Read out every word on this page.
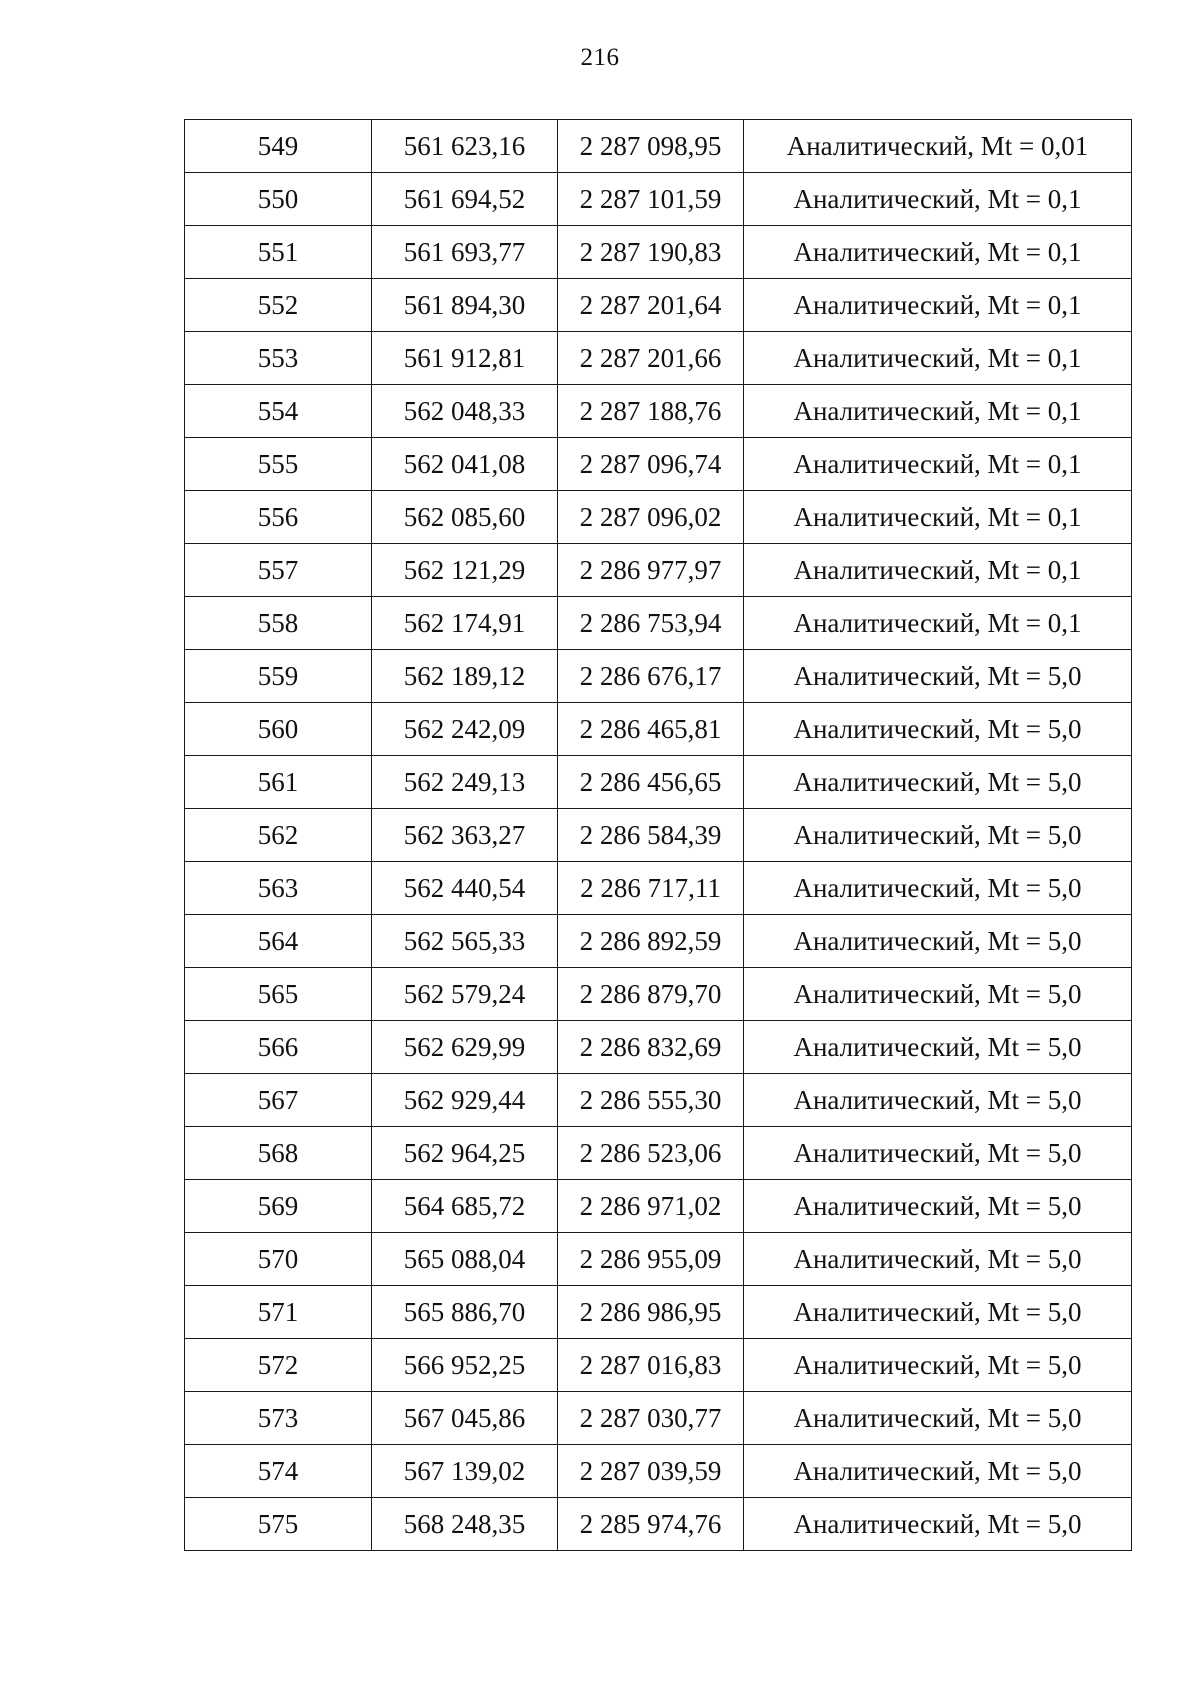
216
549	561 623,16	2 287 098,95	Аналитический, Mt = 0,01
550	561 694,52	2 287 101,59	Аналитический, Mt = 0,1
551	561 693,77	2 287 190,83	Аналитический, Mt = 0,1
552	561 894,30	2 287 201,64	Аналитический, Mt = 0,1
553	561 912,81	2 287 201,66	Аналитический, Mt = 0,1
554	562 048,33	2 287 188,76	Аналитический, Mt = 0,1
555	562 041,08	2 287 096,74	Аналитический, Mt = 0,1
556	562 085,60	2 287 096,02	Аналитический, Mt = 0,1
557	562 121,29	2 286 977,97	Аналитический, Mt = 0,1
558	562 174,91	2 286 753,94	Аналитический, Mt = 0,1
559	562 189,12	2 286 676,17	Аналитический, Mt = 5,0
560	562 242,09	2 286 465,81	Аналитический, Mt = 5,0
561	562 249,13	2 286 456,65	Аналитический, Mt = 5,0
562	562 363,27	2 286 584,39	Аналитический, Mt = 5,0
563	562 440,54	2 286 717,11	Аналитический, Mt = 5,0
564	562 565,33	2 286 892,59	Аналитический, Mt = 5,0
565	562 579,24	2 286 879,70	Аналитический, Mt = 5,0
566	562 629,99	2 286 832,69	Аналитический, Mt = 5,0
567	562 929,44	2 286 555,30	Аналитический, Mt = 5,0
568	562 964,25	2 286 523,06	Аналитический, Mt = 5,0
569	564 685,72	2 286 971,02	Аналитический, Mt = 5,0
570	565 088,04	2 286 955,09	Аналитический, Mt = 5,0
571	565 886,70	2 286 986,95	Аналитический, Mt = 5,0
572	566 952,25	2 287 016,83	Аналитический, Mt = 5,0
573	567 045,86	2 287 030,77	Аналитический, Mt = 5,0
574	567 139,02	2 287 039,59	Аналитический, Mt = 5,0
575	568 248,35	2 285 974,76	Аналитический, Mt = 5,0
